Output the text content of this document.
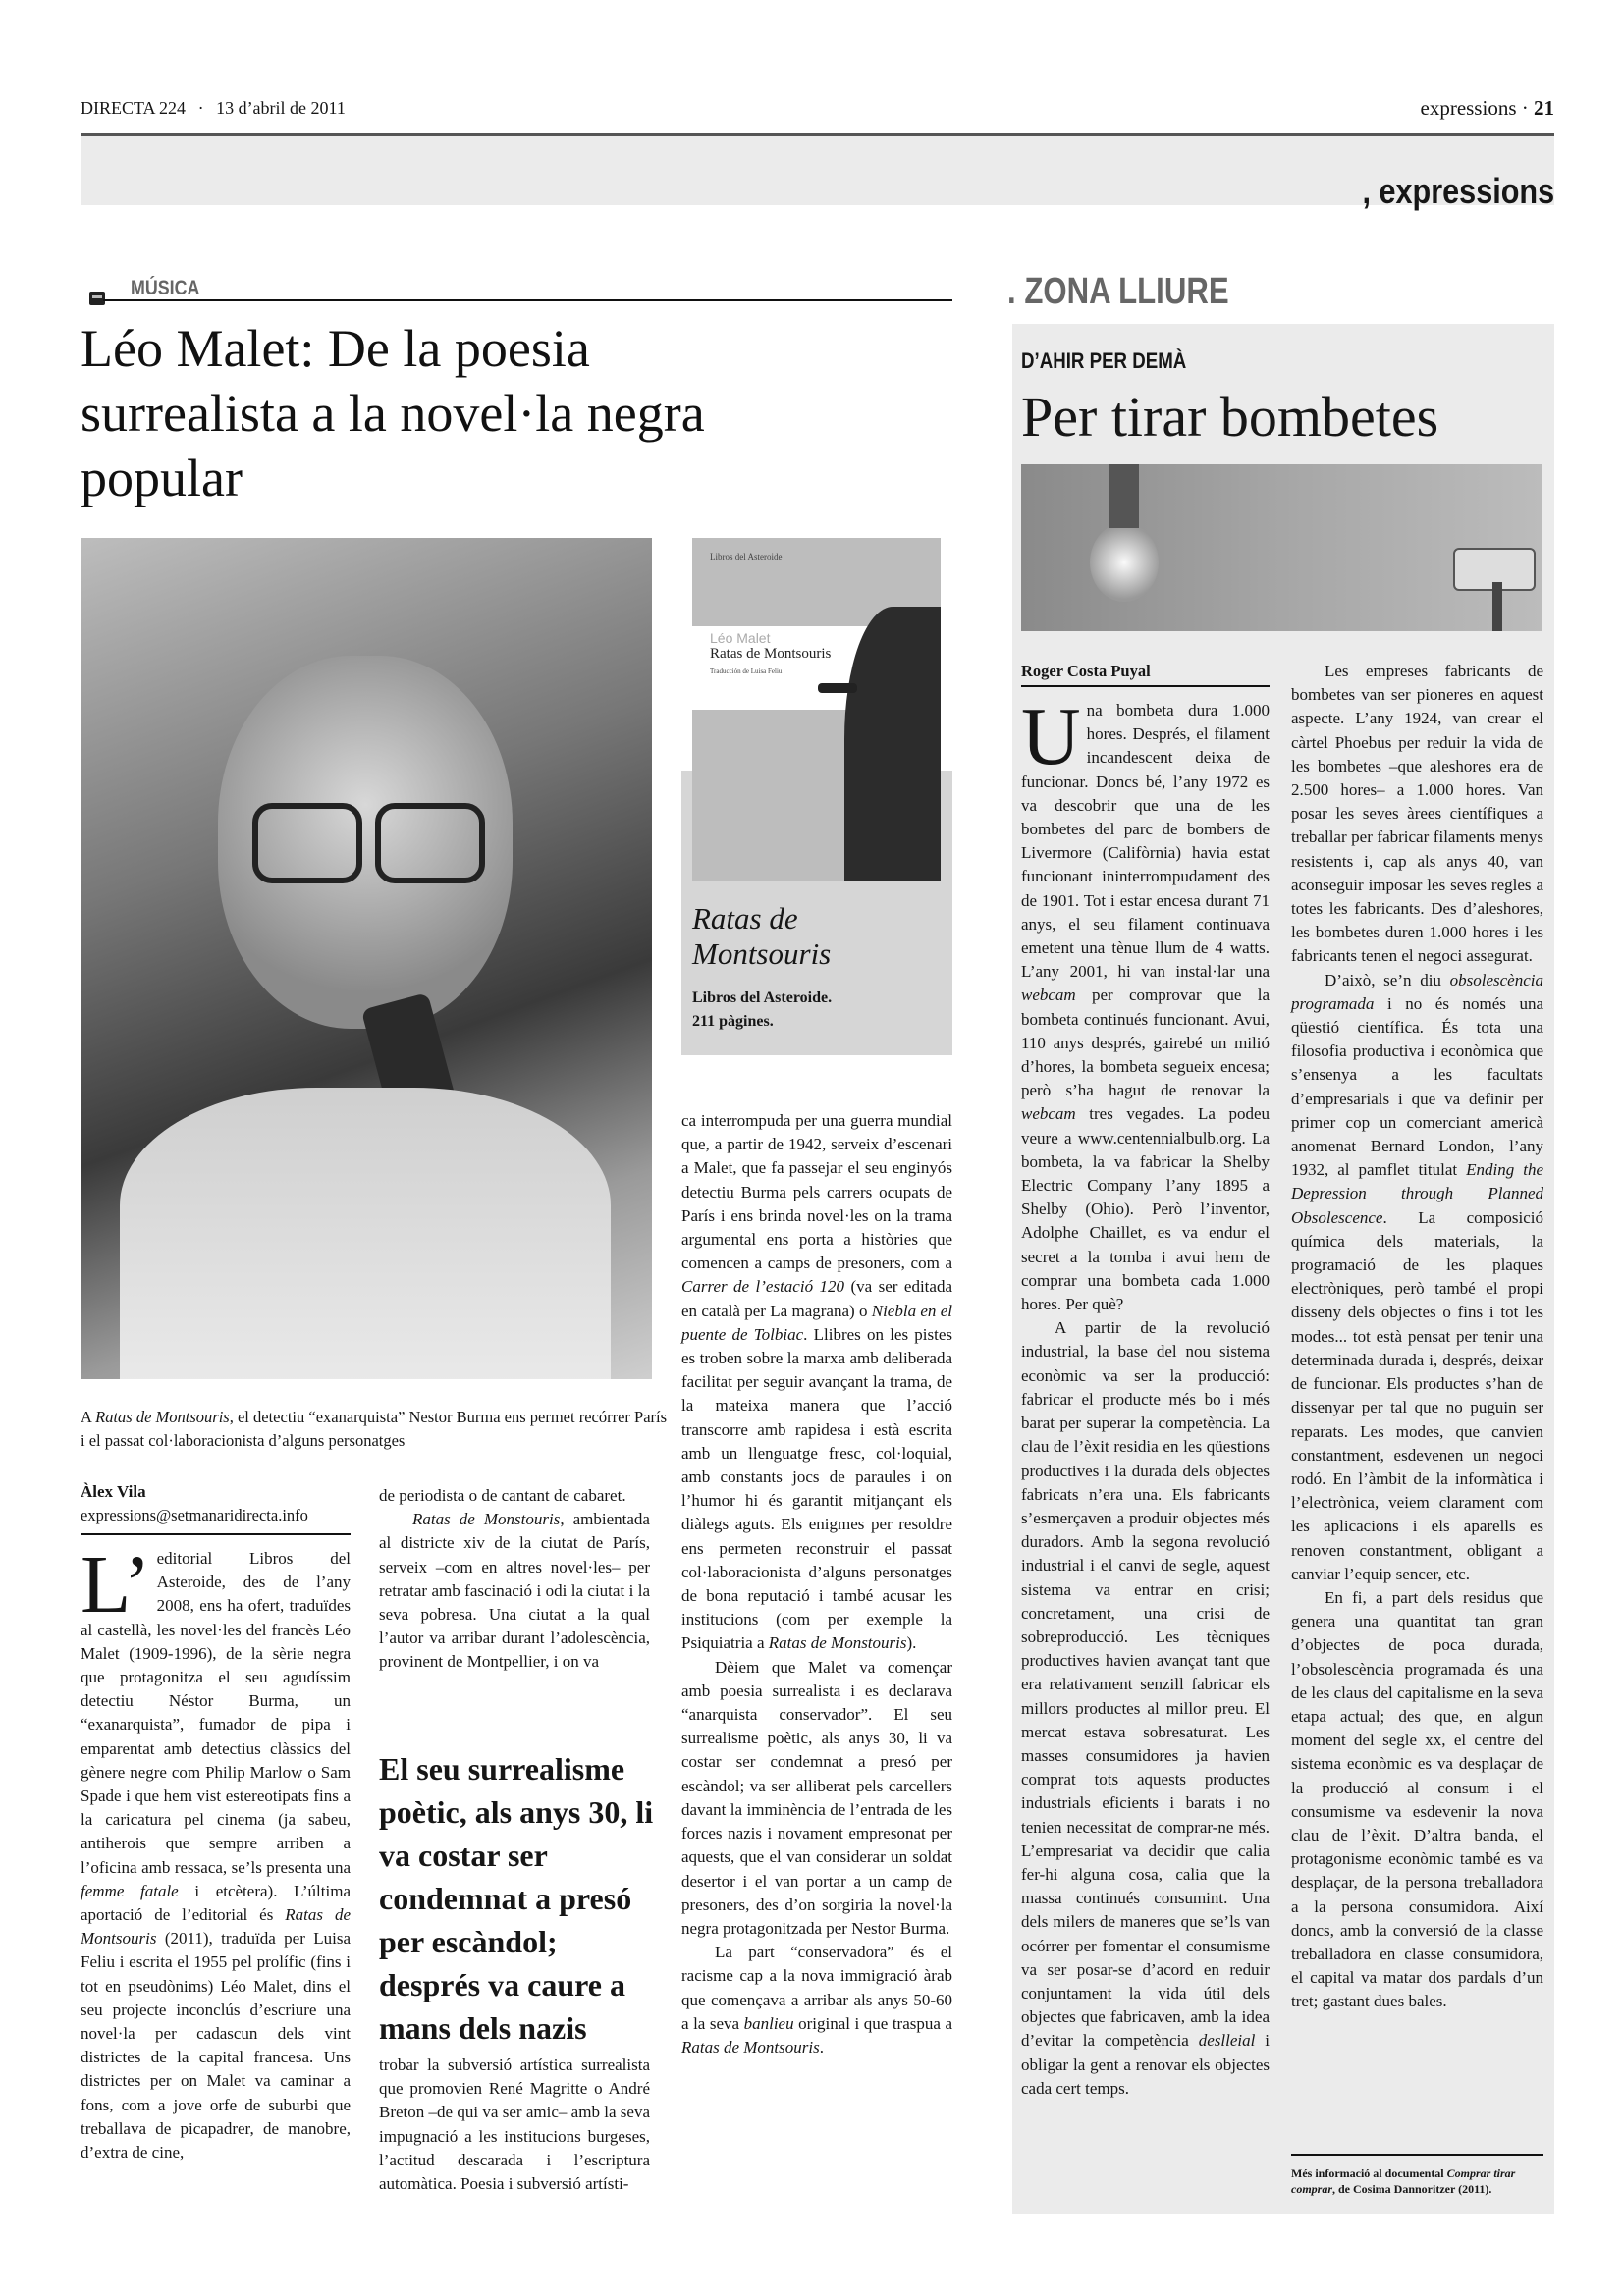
DIRECTA 224 · 13 d’abril de 2011	expressions · 21
, expressions
MÚSICA
Léo Malet: De la poesia surrealista a la novel·la negra popular
A Ratas de Montsouris, el detectiu “exanarquista” Nestor Burma ens permet recórrer París i el passat col·laboracionista d’alguns personatges
Libros del Asteroide
Léo Malet
Ratas de Montsouris
Traducción de Luisa Feliu
Ratas de Montsouris
Libros del Asteroide.
211 pàgines.
Àlex Vila
expressions@setmanaridirecta.info

L’ editorial Libros del Asteroide, des de l’any 2008, ens ha ofert, traduïdes al castellà, les novel·les del francès Léo Malet (1909-1996), de la sèrie negra que protagonitza el seu agudíssim detectiu Néstor Burma, un “exanarquista”, fumador de pipa i emparentat amb detectius clàssics del gènere negre com Philip Marlow o Sam Spade i que hem vist estereotipats fins a la caricatura pel cinema (ja sabeu, antiherois que sempre arriben a l’oficina amb ressaca, se’ls presenta una femme fatale i etcètera). L’última aportació de l’editorial és Ratas de Montsouris (2011), traduïda per Luisa Feliu i escrita el 1955 pel prolífic (fins i tot en pseudònims) Léo Malet, dins el seu projecte inconclús d’escriure una novel·la per cadascun dels vint districtes de la capital francesa. Uns districtes per on Malet va caminar a fons, com a jove orfe de suburbi que treballava de picapadrer, de manobre, d’extra de cine,

de periodista o de cantant de cabaret.

Ratas de Monstouris, ambientada al districte xiv de la ciutat de París, serveix –com en altres novel·les– per retratar amb fascinació i odi la ciutat i la seva pobresa. Una ciutat a la qual l’autor va arribar durant l’adolescència, provinent de Montpellier, i on va

El seu surrealisme poètic, als anys 30, li va costar ser condemnat a presó per escàndol; després va caure a mans dels nazis

trobar la subversió artística surrealista que promovien René Magritte o André Breton –de qui va ser amic– amb la seva impugnació a les institucions burgeses, l’actitud descarada i l’escriptura automàtica. Poesia i subversió artísti-

ca interrompuda per una guerra mundial que, a partir de 1942, serveix d’escenari a Malet, que fa passejar el seu enginyós detectiu Burma pels carrers ocupats de París i ens brinda novel·les on la trama argumental ens porta a històries que comencen a camps de presoners, com a Carrer de l’estació 120 (va ser editada en català per La magrana) o Niebla en el puente de Tolbiac. Llibres on les pistes es troben sobre la marxa amb deliberada facilitat per seguir avançant la trama, de la mateixa manera que l’acció transcorre amb rapidesa i està escrita amb un llenguatge fresc, col·loquial, amb constants jocs de paraules i on l’humor hi és garantit mitjançant els diàlegs aguts. Els enigmes per resoldre ens permeten reconstruir el passat col·laboracionista d’alguns personatges de bona reputació i també acusar les institucions (com per exemple la Psiquiatria a Ratas de Monstouris).

Dèiem que Malet va començar amb poesia surrealista i es declarava “anarquista conservador”. El seu surrealisme poètic, als anys 30, li va costar ser condemnat a presó per escàndol; va ser alliberat pels carcellers davant la imminència de l’entrada de les forces nazis i novament empresonat per aquests, que el van considerar un soldat desertor i el van portar a un camp de presoners, des d’on sorgiria la novel·la negra protagonitzada per Nestor Burma.

La part “conservadora” és el racisme cap a la nova immigració àrab que començava a arribar als anys 50-60 a la seva banlieu original i que traspua a Ratas de Montsouris.

. ZONA LLIURE
D’AHIR PER DEMÀ
Per tirar bombetes
Roger Costa Puyal

Una bombeta dura 1.000 hores. Després, el filament incandescent deixa de funcionar. Doncs bé, l’any 1972 es va descobrir que una de les bombetes del parc de bombers de Livermore (Califòrnia) havia estat funcionant ininterrompudament des de 1901. Tot i estar encesa durant 71 anys, el seu filament continuava emetent una tènue llum de 4 watts. L’any 2001, hi van instal·lar una webcam per comprovar que la bombeta continués funcionant. Avui, 110 anys després, gairebé un milió d’hores, la bombeta segueix encesa; però s’ha hagut de renovar la webcam tres vegades. La podeu veure a www.centennialbulb.org. La bombeta, la va fabricar la Shelby Electric Company l’any 1895 a Shelby (Ohio). Però l’inventor, Adolphe Chaillet, es va endur el secret a la tomba i avui hem de comprar una bombeta cada 1.000 hores. Per què?

A partir de la revolució industrial, la base del nou sistema econòmic va ser la producció: fabricar el producte més bo i més barat per superar la competència. La clau de l’èxit residia en les qüestions productives i la durada dels objectes fabricats n’era una. Els fabricants s’esmerçaven a produir objectes més duradors. Amb la segona revolució industrial i el canvi de segle, aquest sistema va entrar en crisi; concretament, una crisi de sobreproducció. Les tècniques productives havien avançat tant que era relativament senzill fabricar els millors productes al millor preu. El mercat estava sobresaturat. Les masses consumidores ja havien comprat tots aquests productes industrials eficients i barats i no tenien necessitat de comprar-ne més. L’empresariat va decidir que calia fer-hi alguna cosa, calia que la massa continués consumint. Una dels milers de maneres que se’ls van ocórrer per fomentar el consumisme va ser posar-se d’acord en reduir conjuntament la vida útil dels objectes que fabricaven, amb la idea d’evitar la competència deslleial i obligar la gent a renovar els objectes cada cert temps.

Les empreses fabricants de bombetes van ser pioneres en aquest aspecte. L’any 1924, van crear el càrtel Phoebus per reduir la vida de les bombetes –que aleshores era de 2.500 hores– a 1.000 hores. Van posar les seves àrees científiques a treballar per fabricar filaments menys resistents i, cap als anys 40, van aconseguir imposar les seves regles a totes les fabricants. Des d’aleshores, les bombetes duren 1.000 hores i les fabricants tenen el negoci assegurat.

D’això, se’n diu obsolescència programada i no és només una qüestió científica. És tota una filosofia productiva i econòmica que s’ensenya a les facultats d’empresarials i que va definir per primer cop un comerciant americà anomenat Bernard London, l’any 1932, al pamflet titulat Ending the Depression through Planned Obsolescence. La composició química dels materials, la programació de les plaques electròniques, però també el propi disseny dels objectes o fins i tot les modes... tot està pensat per tenir una determinada durada i, després, deixar de funcionar. Els productes s’han de dissenyar per tal que no puguin ser reparats. Les modes, que canvien constantment, esdevenen un negoci rodó. En l’àmbit de la informàtica i l’electrònica, veiem clarament com les aplicacions i els aparells es renoven constantment, obligant a canviar l’equip sencer, etc.

En fi, a part dels residus que genera una quantitat tan gran d’objectes de poca durada, l’obsolescència programada és una de les claus del capitalisme en la seva etapa actual; des que, en algun moment del segle xx, el centre del sistema econòmic es va desplaçar de la producció al consum i el consumisme va esdevenir la nova clau de l’èxit. D’altra banda, el protagonisme econòmic també es va desplaçar, de la persona treballadora a la persona consumidora. Així doncs, amb la conversió de la classe treballadora en classe consumidora, el capital va matar dos pardals d’un tret; gastant dues bales.

Més informació al documental Comprar tirar comprar, de Cosima Dannoritzer (2011).
